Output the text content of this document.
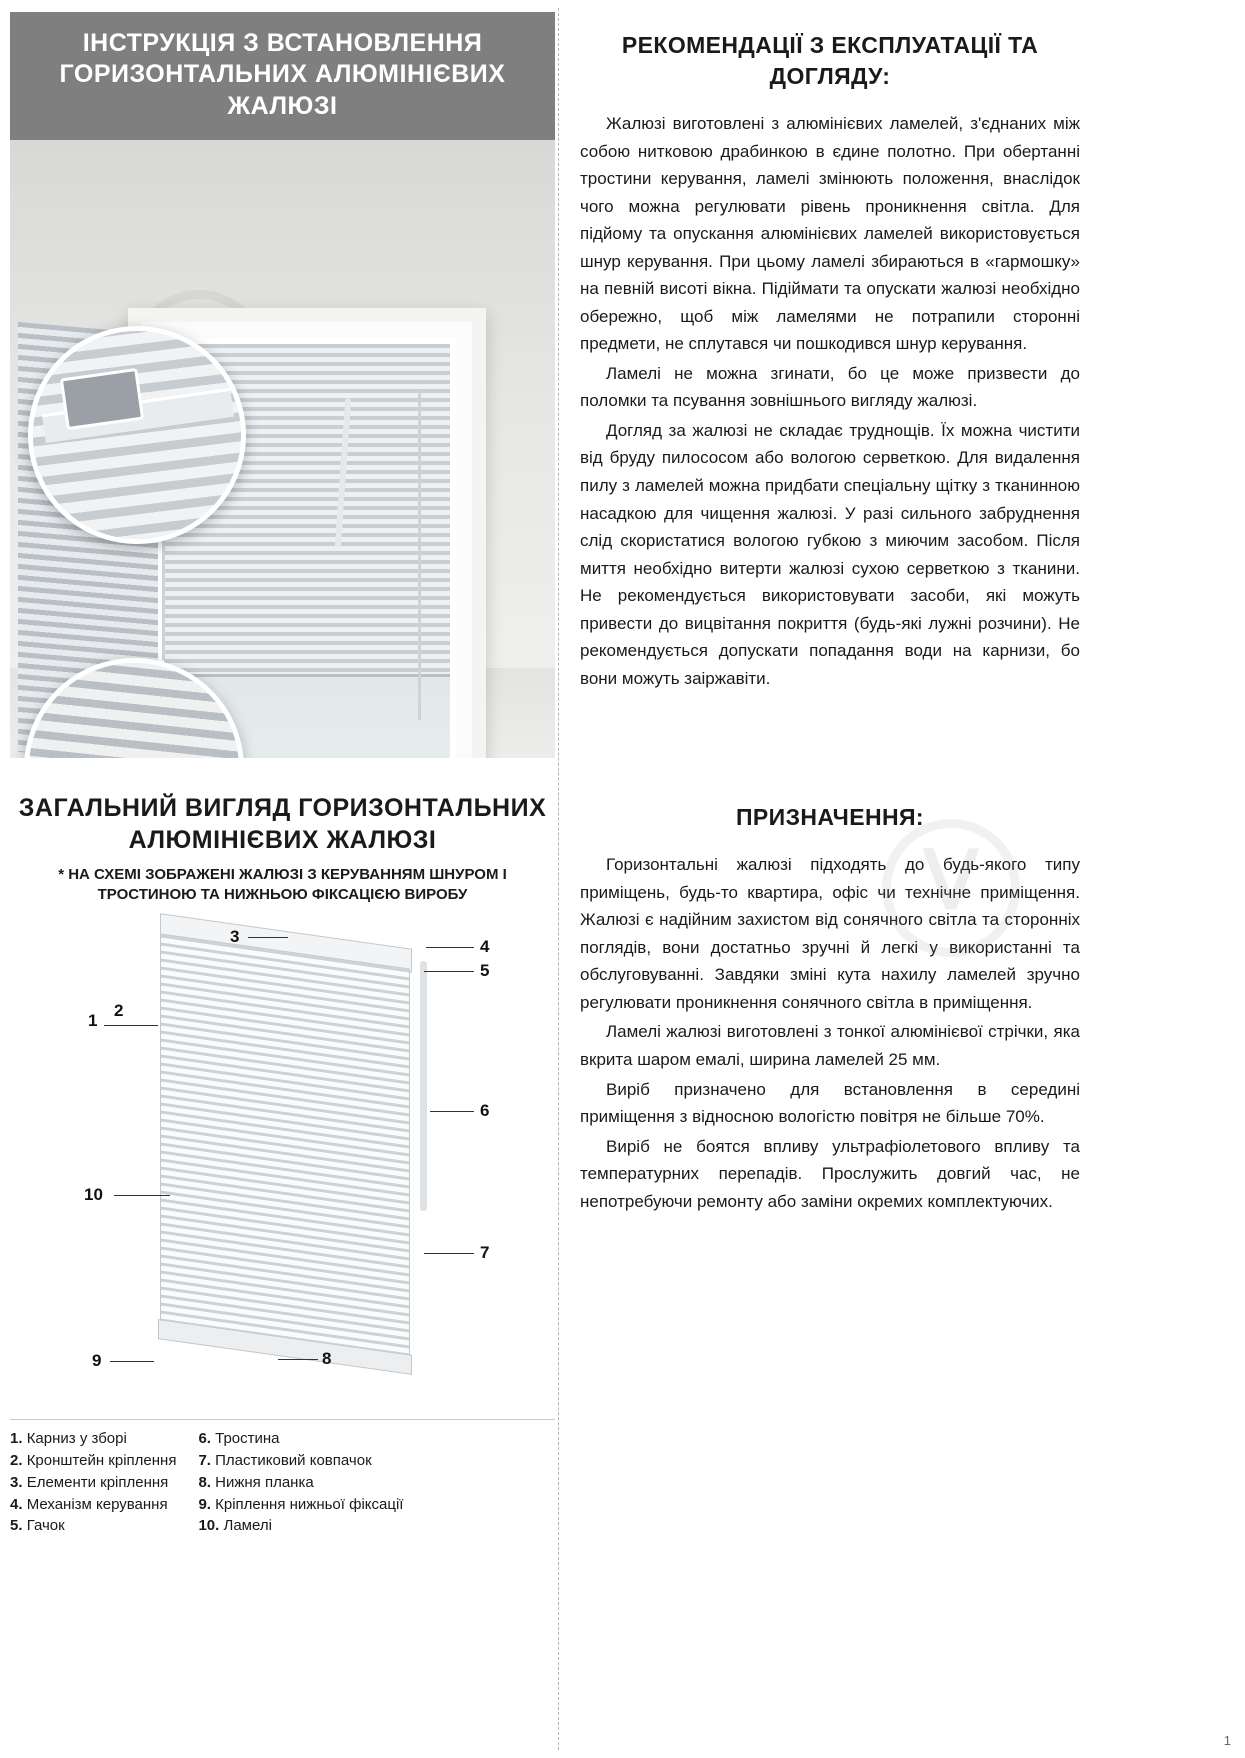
ІНСТРУКЦІЯ З ВСТАНОВЛЕННЯ ГОРИЗОНТАЛЬНИХ АЛЮМІНІЄВИХ ЖАЛЮЗІ
ЗАГАЛЬНИЙ ВИГЛЯД ГОРИЗОНТАЛЬНИХ АЛЮМІНІЄВИХ ЖАЛЮЗІ
* НА СХЕМІ ЗОБРАЖЕНІ ЖАЛЮЗІ З КЕРУВАННЯМ ШНУРОМ І ТРОСТИНОЮ ТА НИЖНЬОЮ ФІКСАЦІЄЮ ВИРОБУ
3
4
5
1
2
6
7
10
9	8
1. Карниз у зборі
2. Кронштейн кріплення
3. Елементи кріплення
4. Механізм керування
5. Гачок
6. Тростина
7. Пластиковий ковпачок
8. Нижня планка
9. Кріплення нижньої фіксації
10. Ламелі
ⴸ
РЕКОМЕНДАЦІЇ З ЕКСПЛУАТАЦІЇ ТА ДОГЛЯДУ:

Жалюзі виготовлені з алюмінієвих ламелей, з'єднаних між собою нитковою драбинкою в єдине полотно. При обертанні тростини керування, ламелі змінюють положення, внаслідок чого можна регулювати рівень проникнення світла. Для підйому та опускання алюмінієвих ламелей використовується шнур керування. При цьому ламелі збираються в «гармошку» на певній висоті вікна. Підіймати та опускати жалюзі необхідно обережно, щоб між ламелями не потрапили сторонні предмети, не сплутався чи пошкодився шнур керування.

Ламелі не можна згинати, бо це може призвести до поломки та псування зовнішнього вигляду жалюзі.

Догляд за жалюзі не складає труднощів. Їх можна чистити від бруду пилососом або вологою серветкою. Для видалення пилу з ламелей можна придбати спеціальну щітку з тканинною насадкою для чищення жалюзі. У разі сильного забруднення слід скористатися вологою губкою з миючим засобом. Після миття необхідно витерти жалюзі сухою серветкою з тканини. Не рекомендується використовувати засоби, які можуть привести до вицвітання покриття (будь-які лужні розчини). Не рекомендується допускати попадання води на карнизи, бо вони можуть заіржавіти.

ПРИЗНАЧЕННЯ:

Горизонтальні жалюзі підходять до будь-якого типу приміщень, будь-то квартира, офіс чи технічне приміщення. Жалюзі є надійним захистом від сонячного світла та сторонніх поглядів, вони достатньо зручні й легкі у використанні та обслуговуванні. Завдяки зміні кута нахилу ламелей зручно регулювати проникнення сонячного світла в приміщення.

Ламелі жалюзі виготовлені з тонкої алюмінієвої стрічки, яка вкрита шаром емалі, ширина ламелей 25 мм.

Виріб призначено для встановлення в середині приміщення з відносною вологістю повітря не більше 70%.

Виріб не боятся впливу ультрафіолетового впливу та температурних перепадів. Прослужить довгий час, не непотребуючи ремонту або заміни окремих комплектуючих.

1
